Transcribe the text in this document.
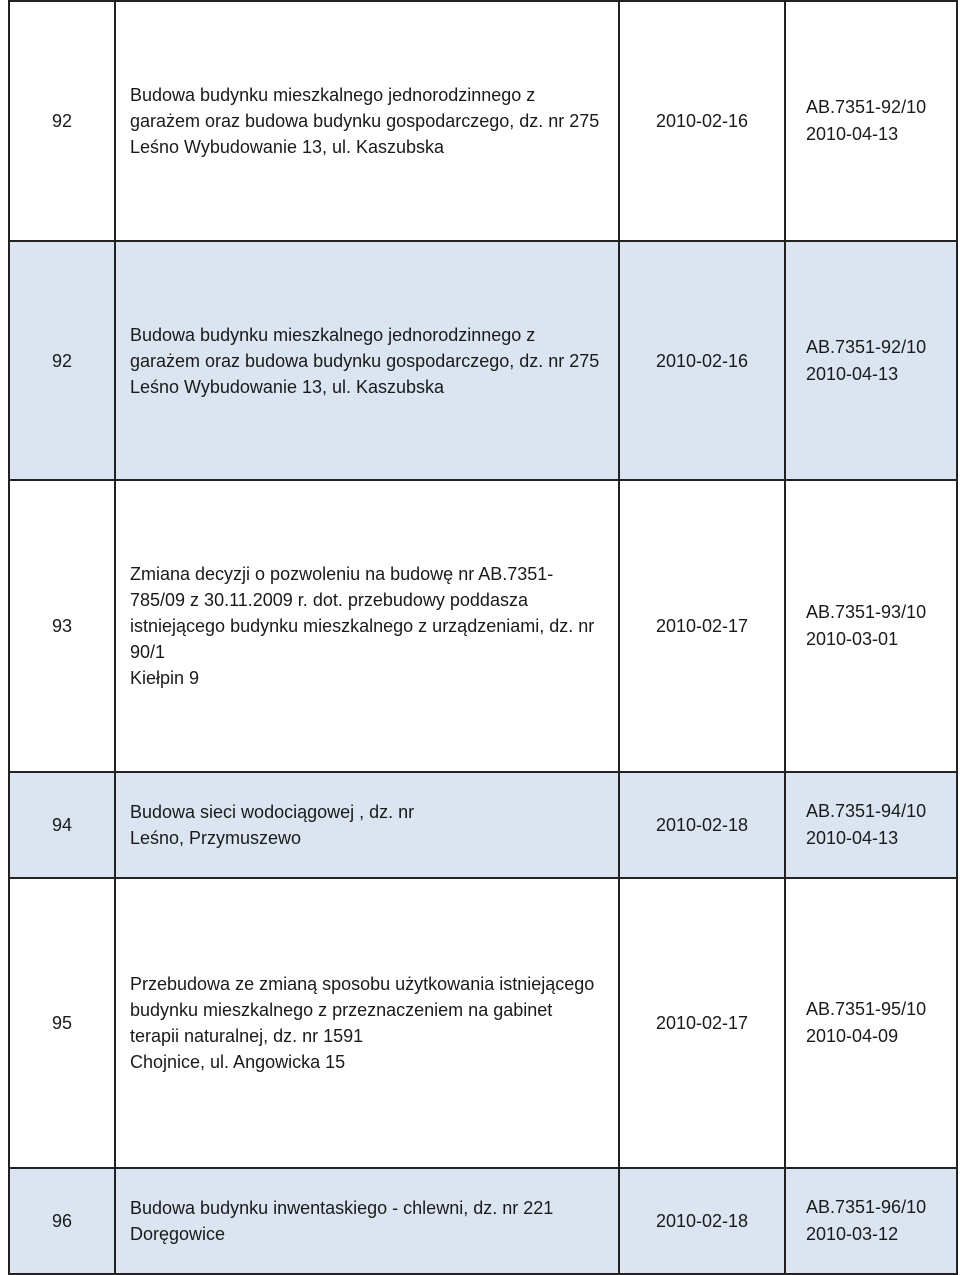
92	Budowa budynku mieszkalnego jednorodzinnego z
garażem oraz budowa budynku gospodarczego, dz. nr 275
Leśno Wybudowanie 13, ul. Kaszubska	2010-02-16	AB.7351-92/10
2010-04-13

92	Budowa budynku mieszkalnego jednorodzinnego z
garażem oraz budowa budynku gospodarczego, dz. nr 275
Leśno Wybudowanie 13, ul. Kaszubska	2010-02-16	AB.7351-92/10
2010-04-13

93	Zmiana decyzji o pozwoleniu na budowę nr AB.7351-
785/09 z 30.11.2009 r. dot. przebudowy poddasza
istniejącego budynku mieszkalnego z urządzeniami, dz. nr
90/1
Kiełpin 9	2010-02-17	AB.7351-93/10
2010-03-01

94	Budowa sieci wodociągowej , dz. nr
Leśno, Przymuszewo	2010-02-18	AB.7351-94/10
2010-04-13

95	Przebudowa ze zmianą sposobu użytkowania istniejącego
budynku mieszkalnego z przeznaczeniem na gabinet
terapii naturalnej, dz. nr 1591
Chojnice, ul. Angowicka 15	2010-02-17	AB.7351-95/10
2010-04-09

96	Budowa budynku inwentaskiego - chlewni, dz. nr 221
Doręgowice	2010-02-18	AB.7351-96/10
2010-03-12
